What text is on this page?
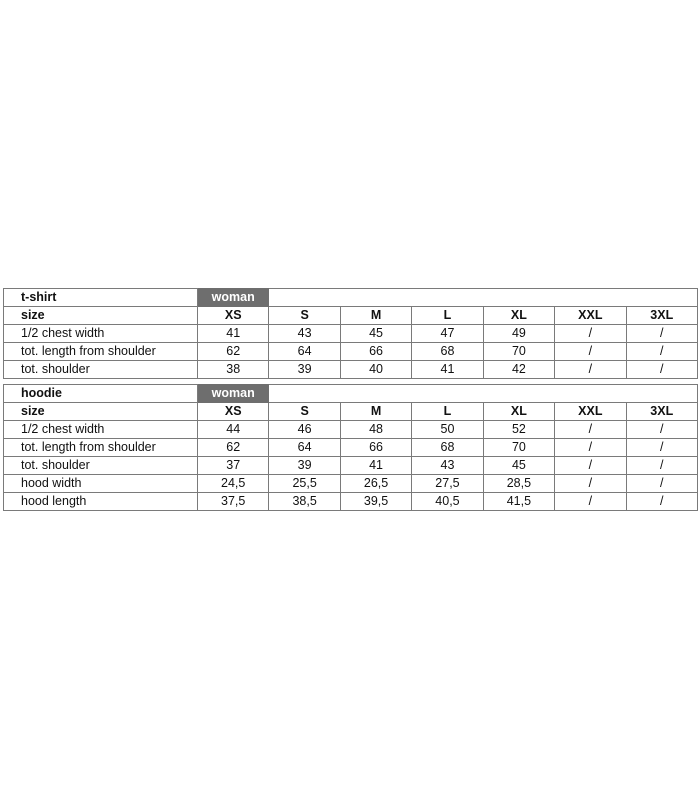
t-shirt	woman						
size	XS	S	M	L	XL	XXL	3XL
1/2 chest width	41	43	45	47	49	/	/
tot. length from shoulder	62	64	66	68	70	/	/
tot. shoulder	38	39	40	41	42	/	/
hoodie	woman						
size	XS	S	M	L	XL	XXL	3XL
1/2 chest width	44	46	48	50	52	/	/
tot. length from shoulder	62	64	66	68	70	/	/
tot. shoulder	37	39	41	43	45	/	/
hood width	24,5	25,5	26,5	27,5	28,5	/	/
hood length	37,5	38,5	39,5	40,5	41,5	/	/
